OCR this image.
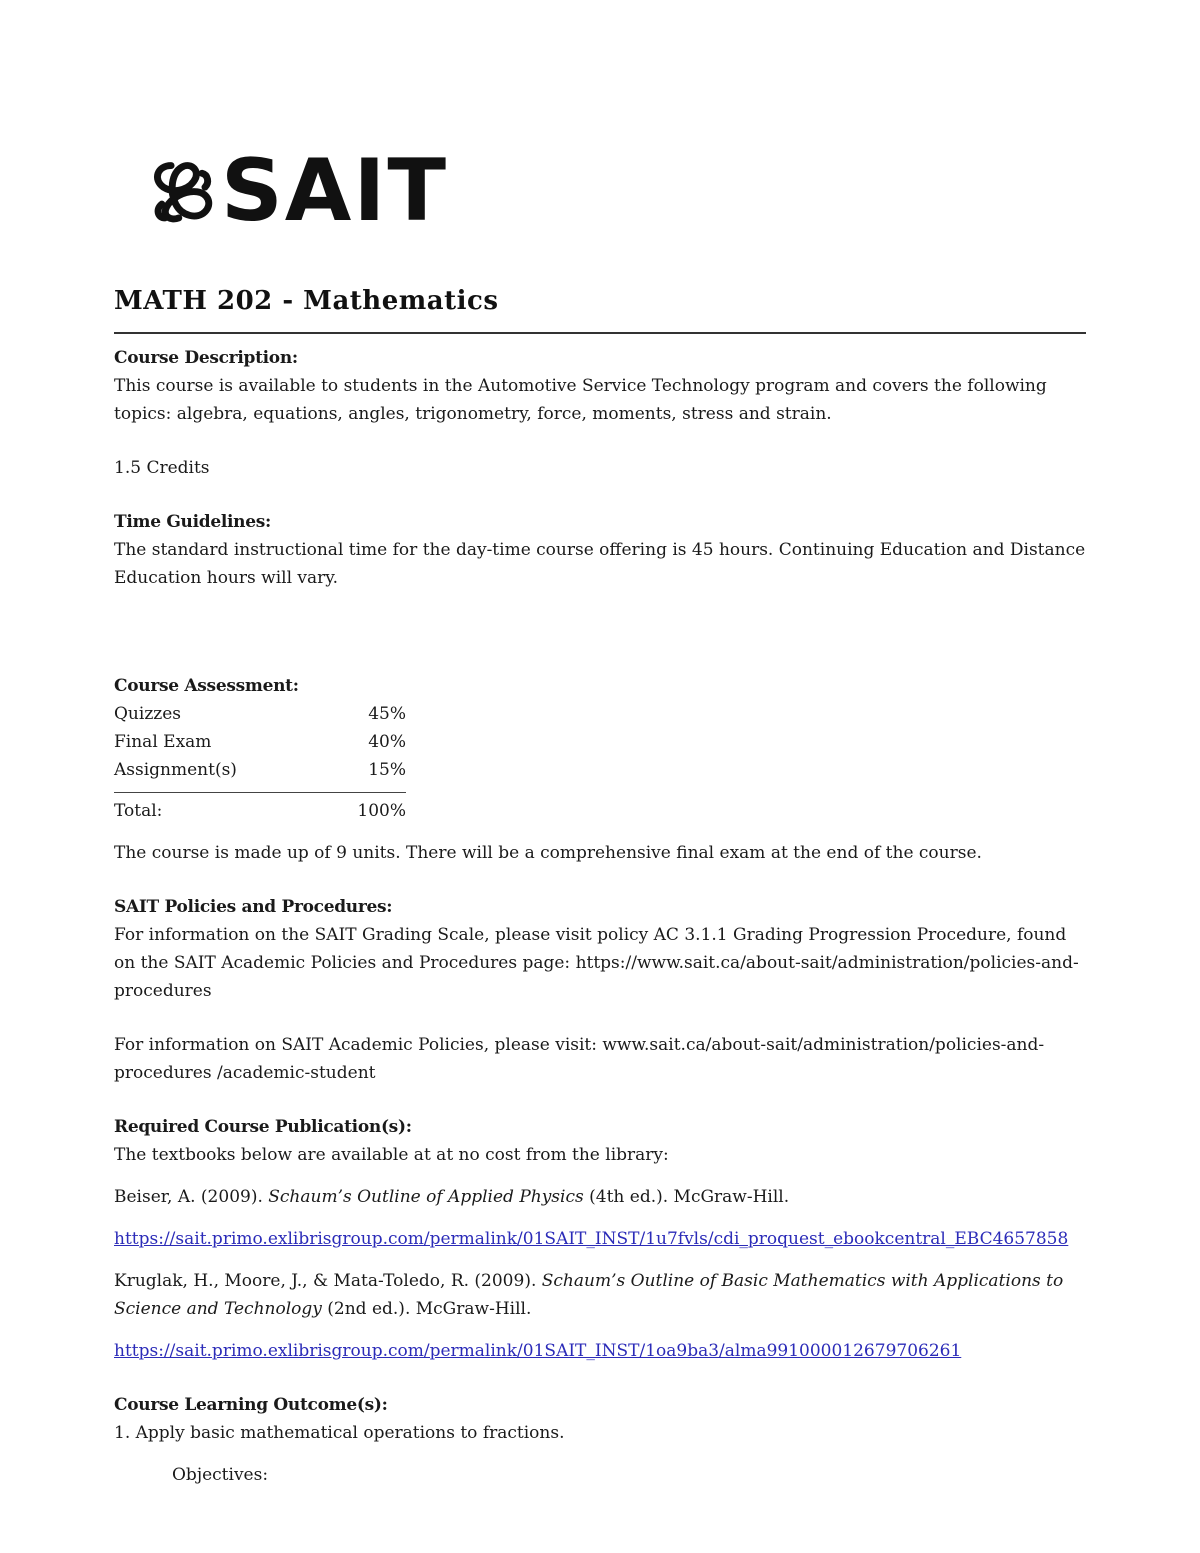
SAIT
MATH 202 - Mathematics

Course Description:

This course is available to students in the Automotive Service Technology program and covers the following topics: algebra, equations, angles, trigonometry, force, moments, stress and strain.

1.5 Credits

Time Guidelines:

The standard instructional time for the day-time course offering is 45 hours. Continuing Education and Distance Education hours will vary.

Course Assessment:

Quizzes	45%
Final Exam	40%
Assignment(s)	15%
Total:	100%

The course is made up of 9 units. There will be a comprehensive final exam at the end of the course.

SAIT Policies and Procedures:

For information on the SAIT Grading Scale, please visit policy AC 3.1.1 Grading Progression Procedure, found on the SAIT Academic Policies and Procedures page: https://www.sait.ca/about-sait/administration/policies-and-procedures

For information on SAIT Academic Policies, please visit: www.sait.ca/about-sait/administration/policies-and-procedures /academic-student

Required Course Publication(s):

The textbooks below are available at at no cost from the library:

Beiser, A. (2009). Schaum’s Outline of Applied Physics (4th ed.). McGraw-Hill.

https://sait.primo.exlibrisgroup.com/permalink/01SAIT_INST/1u7fvls/cdi_proquest_ebookcentral_EBC4657858

Kruglak, H., Moore, J., & Mata-Toledo, R. (2009). Schaum’s Outline of Basic Mathematics with Applications to Science and Technology (2nd ed.). McGraw-Hill.

https://sait.primo.exlibrisgroup.com/permalink/01SAIT_INST/1oa9ba3/alma991000012679706261

Course Learning Outcome(s):

1. Apply basic mathematical operations to fractions.

Objectives:
